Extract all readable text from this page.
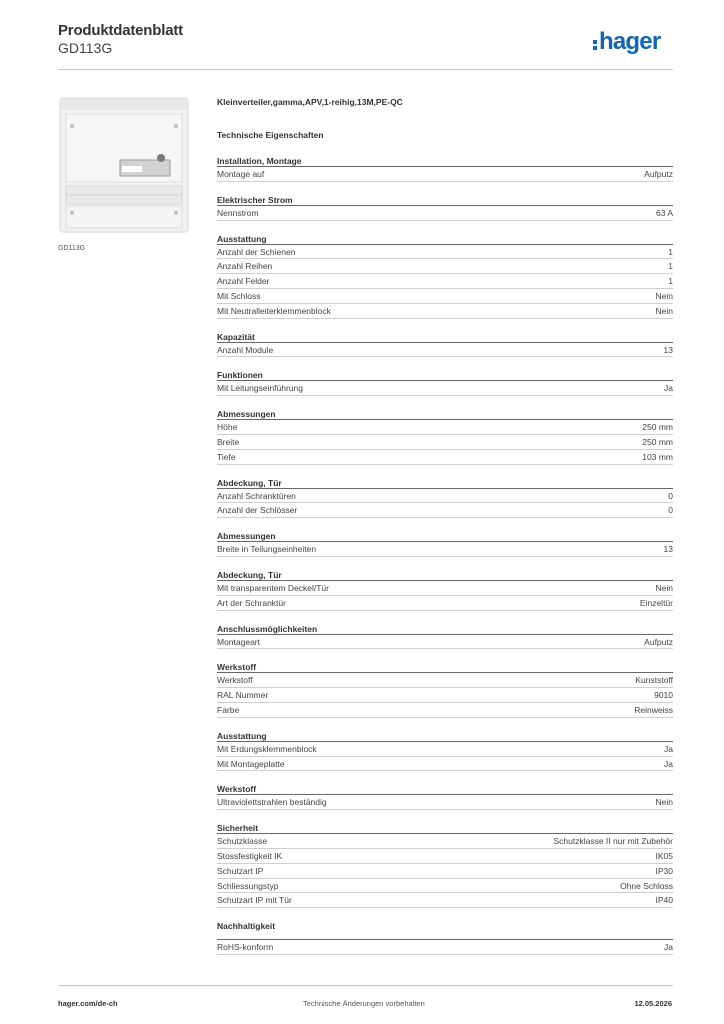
Produktdatenblatt
GD113G	hager
GD113G
Kleinverteiler,gamma,APV,1-reihig,13M,PE-QC
Technische Eigenschaften
Installation, Montage
Montage auf	Aufputz
Elektrischer Strom
Nennstrom	63 A
Ausstattung
Anzahl der Schienen	1
Anzahl Reihen	1
Anzahl Felder	1
Mit Schloss	Nein
Mit Neutralleiterklemmenblock	Nein
Kapazität
Anzahl Module	13
Funktionen
Mit Leitungseinführung	Ja
Abmessungen
Höhe	250 mm
Breite	250 mm
Tiefe	103 mm
Abdeckung, Tür
Anzahl Schranktüren	0
Anzahl der Schlösser	0
Abmessungen
Breite in Teilungseinheiten	13
Abdeckung, Tür
Mit transparentem Deckel/Tür	Nein
Art der Schranktür	Einzeltür
Anschlussmöglichkeiten
Montageart	Aufputz
Werkstoff
Werkstoff	Kunststoff
RAL Nummer	9010
Farbe	Reinweiss
Ausstattung
Mit Erdungsklemmenblock	Ja
Mit Montageplatte	Ja
Werkstoff
Ultraviolettstrahlen beständig	Nein
Sicherheit
Schutzklasse	Schutzklasse II nur mit Zubehör
Stossfestigkeit IK	IK05
Schutzart IP	IP30
Schliessungstyp	Ohne Schloss
Schutzart IP mit Tür	IP40
Nachhaltigkeit
RoHS-konform	Ja
hager.com/de-ch	Technische Änderungen vorbehalten	12.05.2026
